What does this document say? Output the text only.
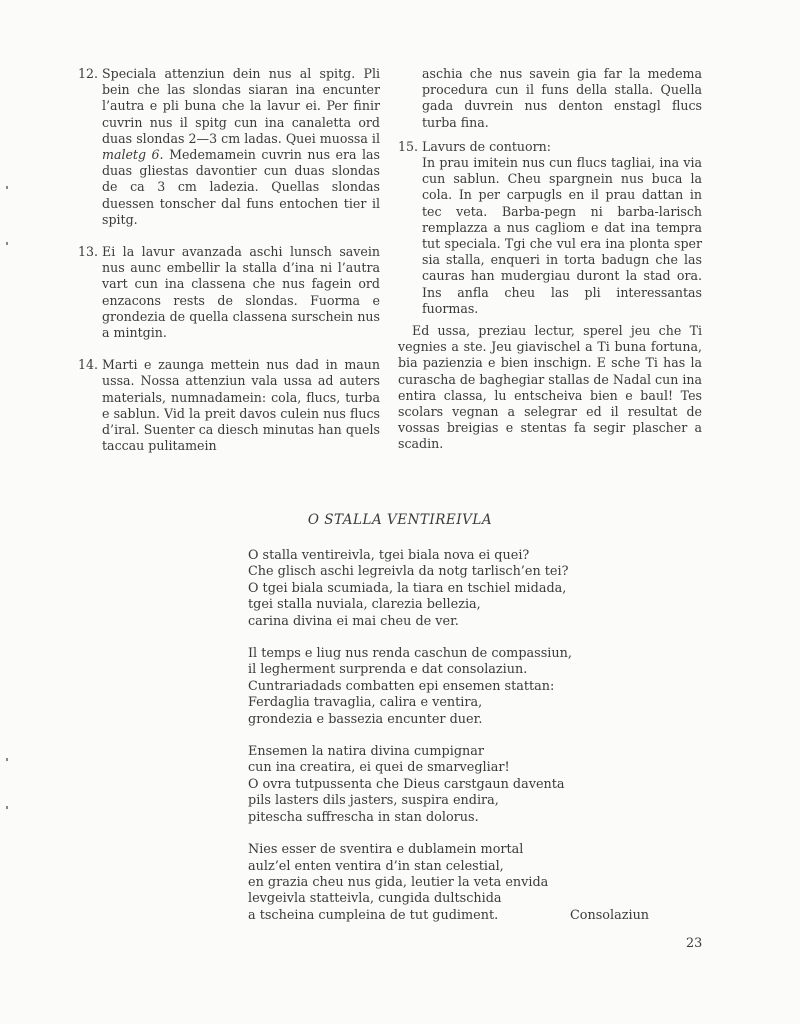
12. Speciala attenziun dein nus al spitg. Pli bein che las slondas siaran ina encunter l’autra e pli buna che la lavur ei. Per finir cuvrin nus il spitg cun ina canaletta ord duas slondas 2—3 cm ladas. Quei muossa il maletg 6. Medemamein cuvrin nus era las duas gliestas davontier cun duas slondas de ca 3 cm ladezia. Quellas slondas duessen tonscher dal funs entochen tier il spitg.
13. Ei la lavur avanzada aschi lunsch savein nus aunc embellir la stalla d’ina ni l’autra vart cun ina classena che nus fagein ord enzacons rests de slondas. Fuorma e grondezia de quella classena surschein nus a mintgin.
14. Marti e zaunga mettein nus dad in maun ussa. Nossa attenziun vala ussa ad auters materials, numnadamein: cola, flucs, turba e sablun. Vid la preit davos culein nus flucs d’iral. Suenter ca diesch minutas han quels taccau pulitamein
aschia che nus savein gia far la medema procedura cun il funs della stalla. Quella gada duvrein nus denton enstagl flucs turba fina.
15. Lavurs de contuorn:
In prau imitein nus cun flucs tagliai, ina via cun sablun. Cheu spargnein nus buca la cola. In per carpugls en il prau dattan in tec veta. Barba-pegn ni barba-larisch remplazza a nus cagliom e dat ina tempra tut speciala. Tgi che vul era ina plonta sper sia stalla, enqueri in torta badugn che las cauras han mudergiau duront la stad ora. Ins anfla cheu las pli interessantas fuormas.
Ed ussa, preziau lectur, sperel jeu che Ti vegnies a ste. Jeu giavischel a Ti buna fortuna, bia pazienzia e bien inschign. E sche Ti has la curascha de baghegiar stallas de Nadal cun ina entira classa, lu entscheiva bien e baul! Tes scolars vegnan a selegrar ed il resultat de vossas breigias e stentas fa segir plascher a scadin.
O STALLA VENTIREIVLA
O stalla ventireivla, tgei biala nova ei quei?
Che glisch aschi legreivla da notg tarlisch’en tei?
O tgei biala scumiada, la tiara en tschiel midada,
tgei stalla nuviala, clarezia bellezia,
carina divina ei mai cheu de ver.
Il temps e liug nus renda caschun de compassiun,
il legherment surprenda e dat consolaziun.
Cuntrariadads combatten epi ensemen stattan:
Ferdaglia travaglia, calira e ventira,
grondezia e bassezia encunter duer.
Ensemen la natira divina cumpignar
cun ina creatira, ei quei de smarvegliar!
O ovra tutpussenta che Dieus carstgaun daventa
pils lasters dils jasters, suspira endira,
pitescha suffrescha in stan dolorus.
Nies esser de sventira e dublamein mortal
aulz’el enten ventira d’in stan celestial,
en grazia cheu nus gida, leutier la veta envida
levgeivla statteivla, cungida dultschida
a tscheina cumpleina de tut gudiment.	Consolaziun
23
